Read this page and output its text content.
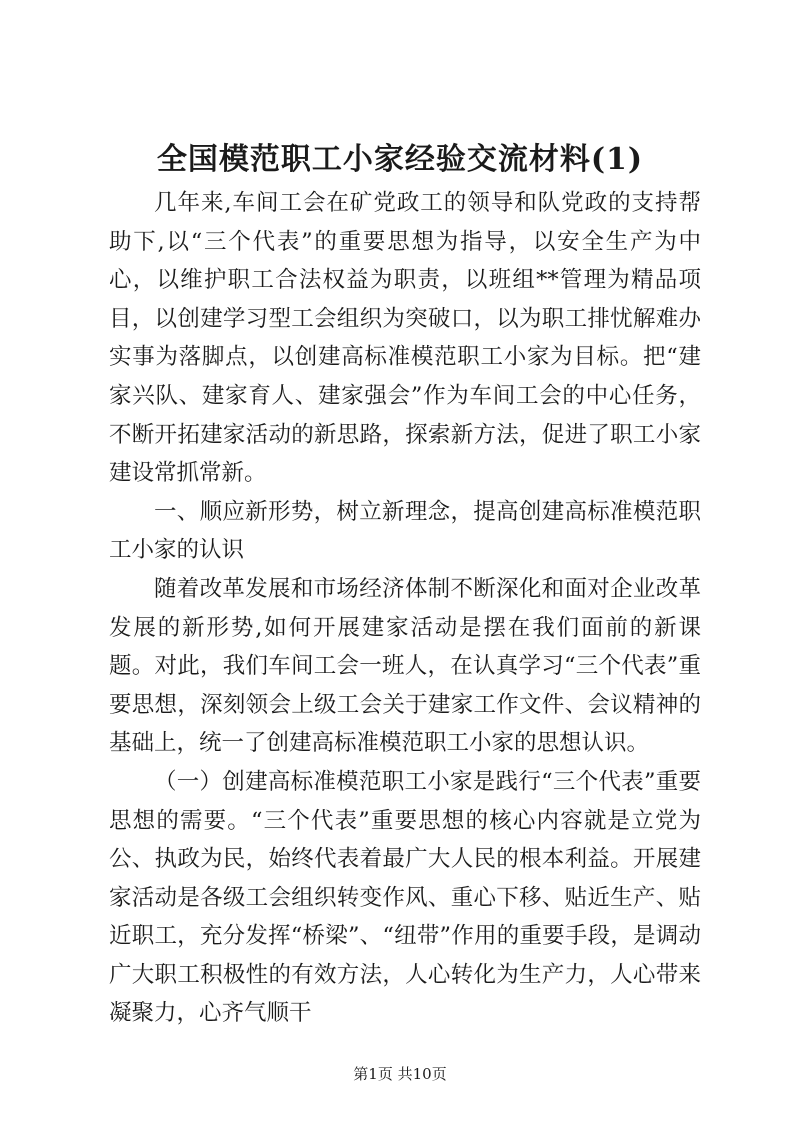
全国模范职工小家经验交流材料(1)

几年来,车间工会在矿党政工的领导和队党政的支持帮助下,以“三个代表”的重要思想为指导，以安全生产为中心，以维护职工合法权益为职责，以班组**管理为精品项目，以创建学习型工会组织为突破口，以为职工排忧解难办实事为落脚点，以创建高标准模范职工小家为目标。把“建家兴队、建家育人、建家强会”作为车间工会的中心任务，不断开拓建家活动的新思路，探索新方法，促进了职工小家建设常抓常新。

一、顺应新形势，树立新理念，提高创建高标准模范职工小家的认识

随着改革发展和市场经济体制不断深化和面对企业改革发展的新形势,如何开展建家活动是摆在我们面前的新课题。对此，我们车间工会一班人，在认真学习“三个代表”重要思想，深刻领会上级工会关于建家工作文件、会议精神的基础上，统一了创建高标准模范职工小家的思想认识。

（一）创建高标准模范职工小家是践行“三个代表”重要思想的需要。“三个代表”重要思想的核心内容就是立党为公、执政为民，始终代表着最广大人民的根本利益。开展建家活动是各级工会组织转变作风、重心下移、贴近生产、贴近职工，充分发挥“桥梁”、“纽带”作用的重要手段，是调动广大职工积极性的有效方法，人心转化为生产力，人心带来凝聚力，心齐气顺干

第1页 共10页
